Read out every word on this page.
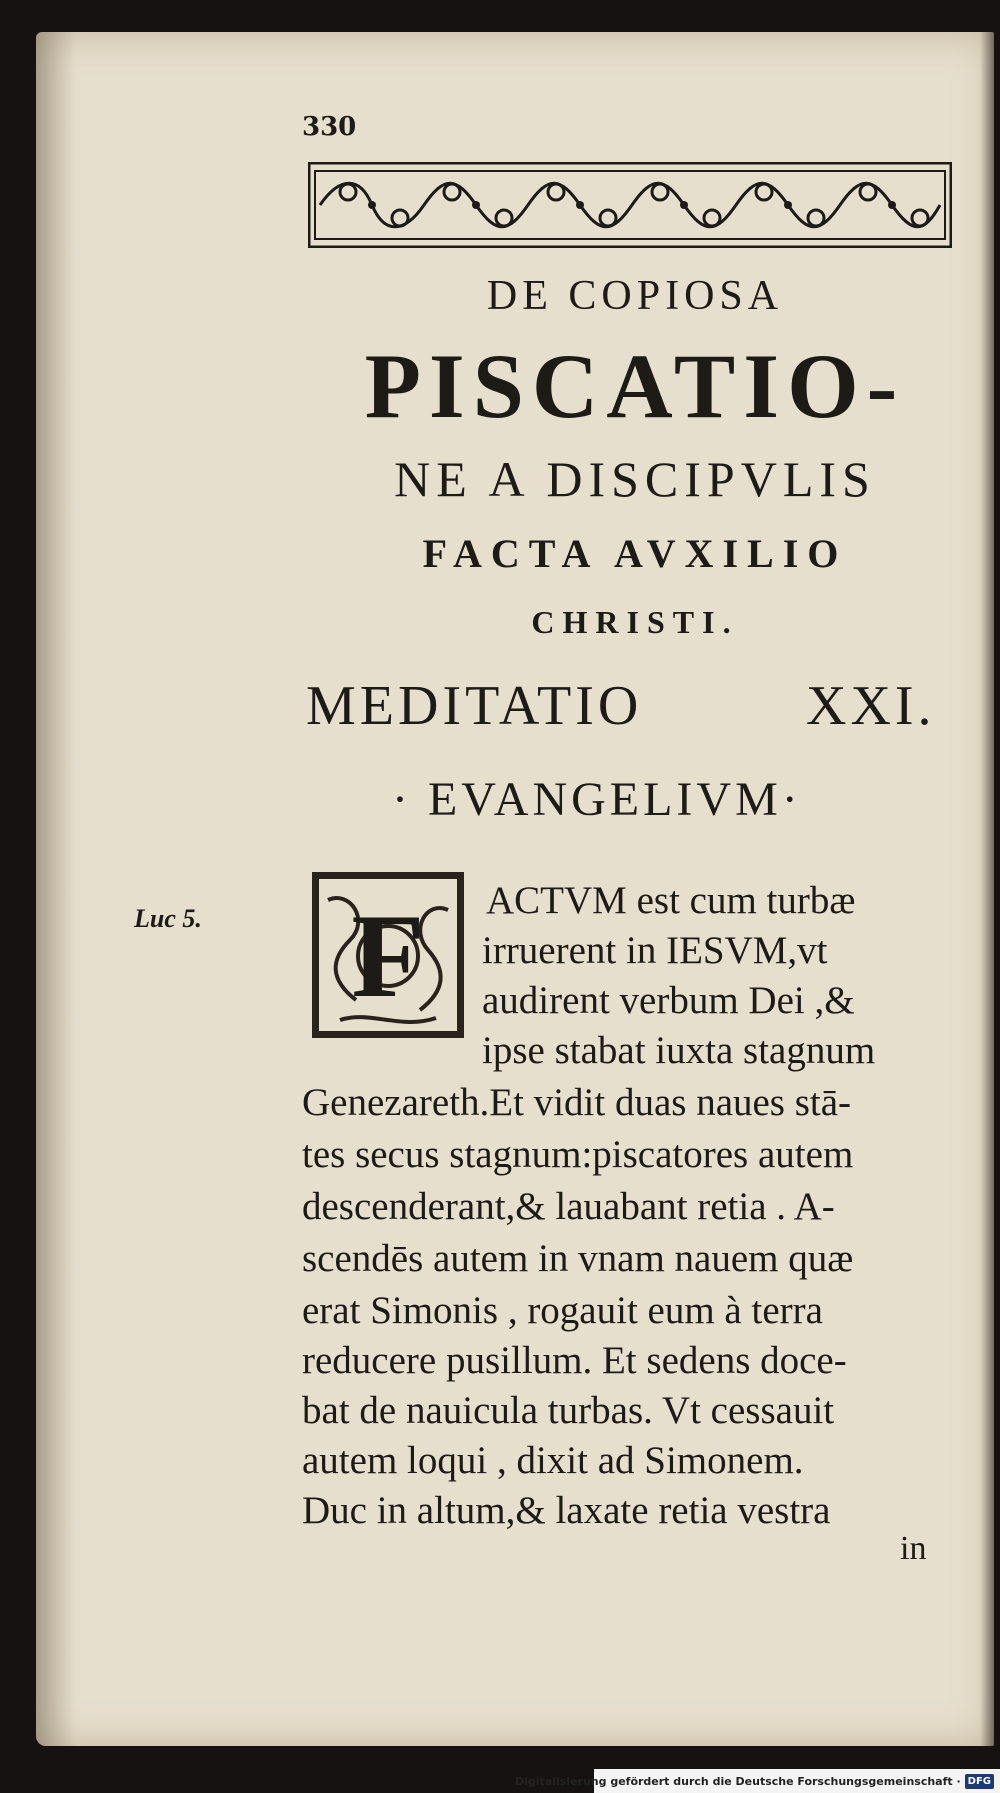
330
DE COPIOSA
PISCATIO-
NE A DISCIPVLIS
FACTA AVXILIO
CHRISTI.
MEDITATIO	XXI.
· EVANGELIVM·
Luc 5. F ACTVM est cum turbæ
irruerent in IESVM,vt
audirent verbum Dei ,&
ipse stabat iuxta stagnum
Genezareth.Et vidit duas naues stā-
tes secus stagnum:piscatores autem
descenderant,& lauabant retia . A-
scendēs autem in vnam nauem quæ
erat Simonis , rogauit eum à terra
reducere pusillum. Et sedens doce-
bat de nauicula turbas. Vt cessauit
autem loqui , dixit ad Simonem.
Duc in altum,& laxate retia vestra
in
Digitalisierung gefördert durch die Deutsche Forschungsgemeinschaft · DFG
